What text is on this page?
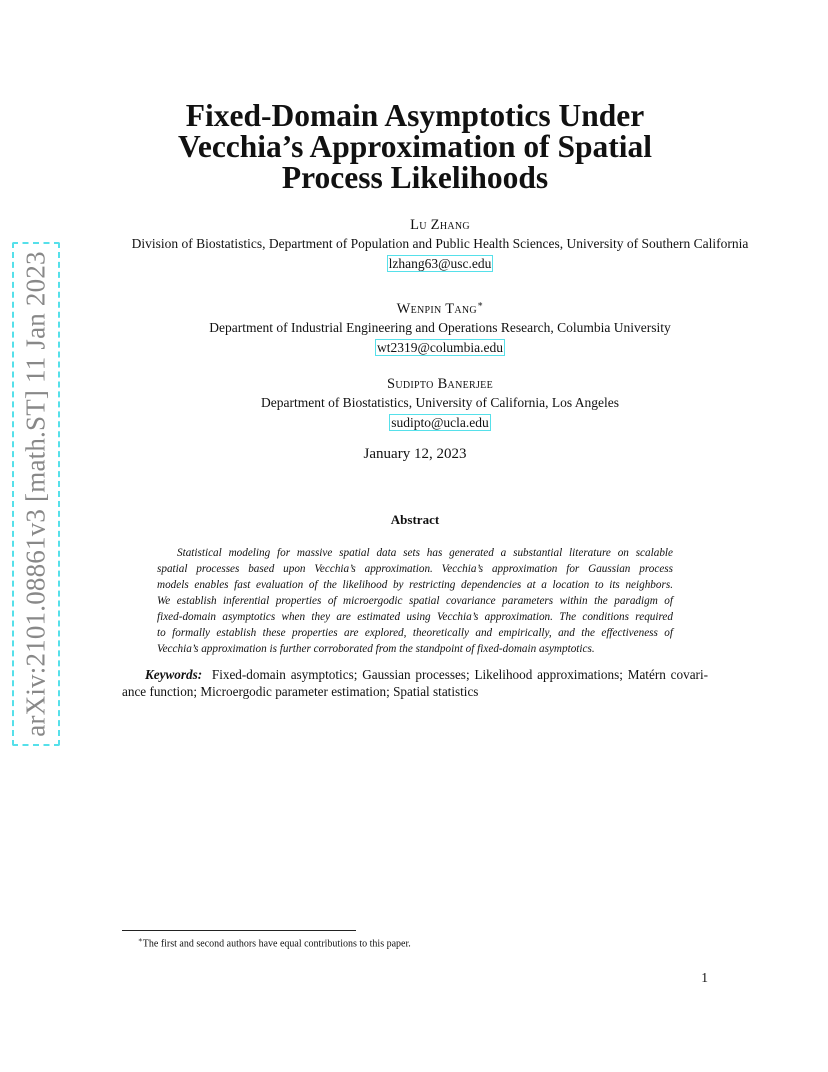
arXiv:2101.08861v3 [math.ST] 11 Jan 2023
Fixed-Domain Asymptotics Under
Vecchia’s Approximation of Spatial
Process Likelihoods
Lu Zhang
Division of Biostatistics, Department of Population and Public Health Sciences, University of Southern California
lzhang63@usc.edu
Wenpin Tang∗
Department of Industrial Engineering and Operations Research, Columbia University
wt2319@columbia.edu
Sudipto Banerjee
Department of Biostatistics, University of California, Los Angeles
sudipto@ucla.edu
January 12, 2023
Abstract
Statistical modeling for massive spatial data sets has generated a substantial literature on scalable
spatial processes based upon Vecchia’s approximation. Vecchia’s approximation for Gaussian process
models enables fast evaluation of the likelihood by restricting dependencies at a location to its neighbors.
We establish inferential properties of microergodic spatial covariance parameters within the paradigm of
fixed-domain asymptotics when they are estimated using Vecchia’s approximation. The conditions required
to formally establish these properties are explored, theoretically and empirically, and the effectiveness of
Vecchia’s approximation is further corroborated from the standpoint of fixed-domain asymptotics.
Keywords: Fixed-domain asymptotics; Gaussian processes; Likelihood approximations; Matérn covari-
ance function; Microergodic parameter estimation; Spatial statistics
∗The first and second authors have equal contributions to this paper.
1
